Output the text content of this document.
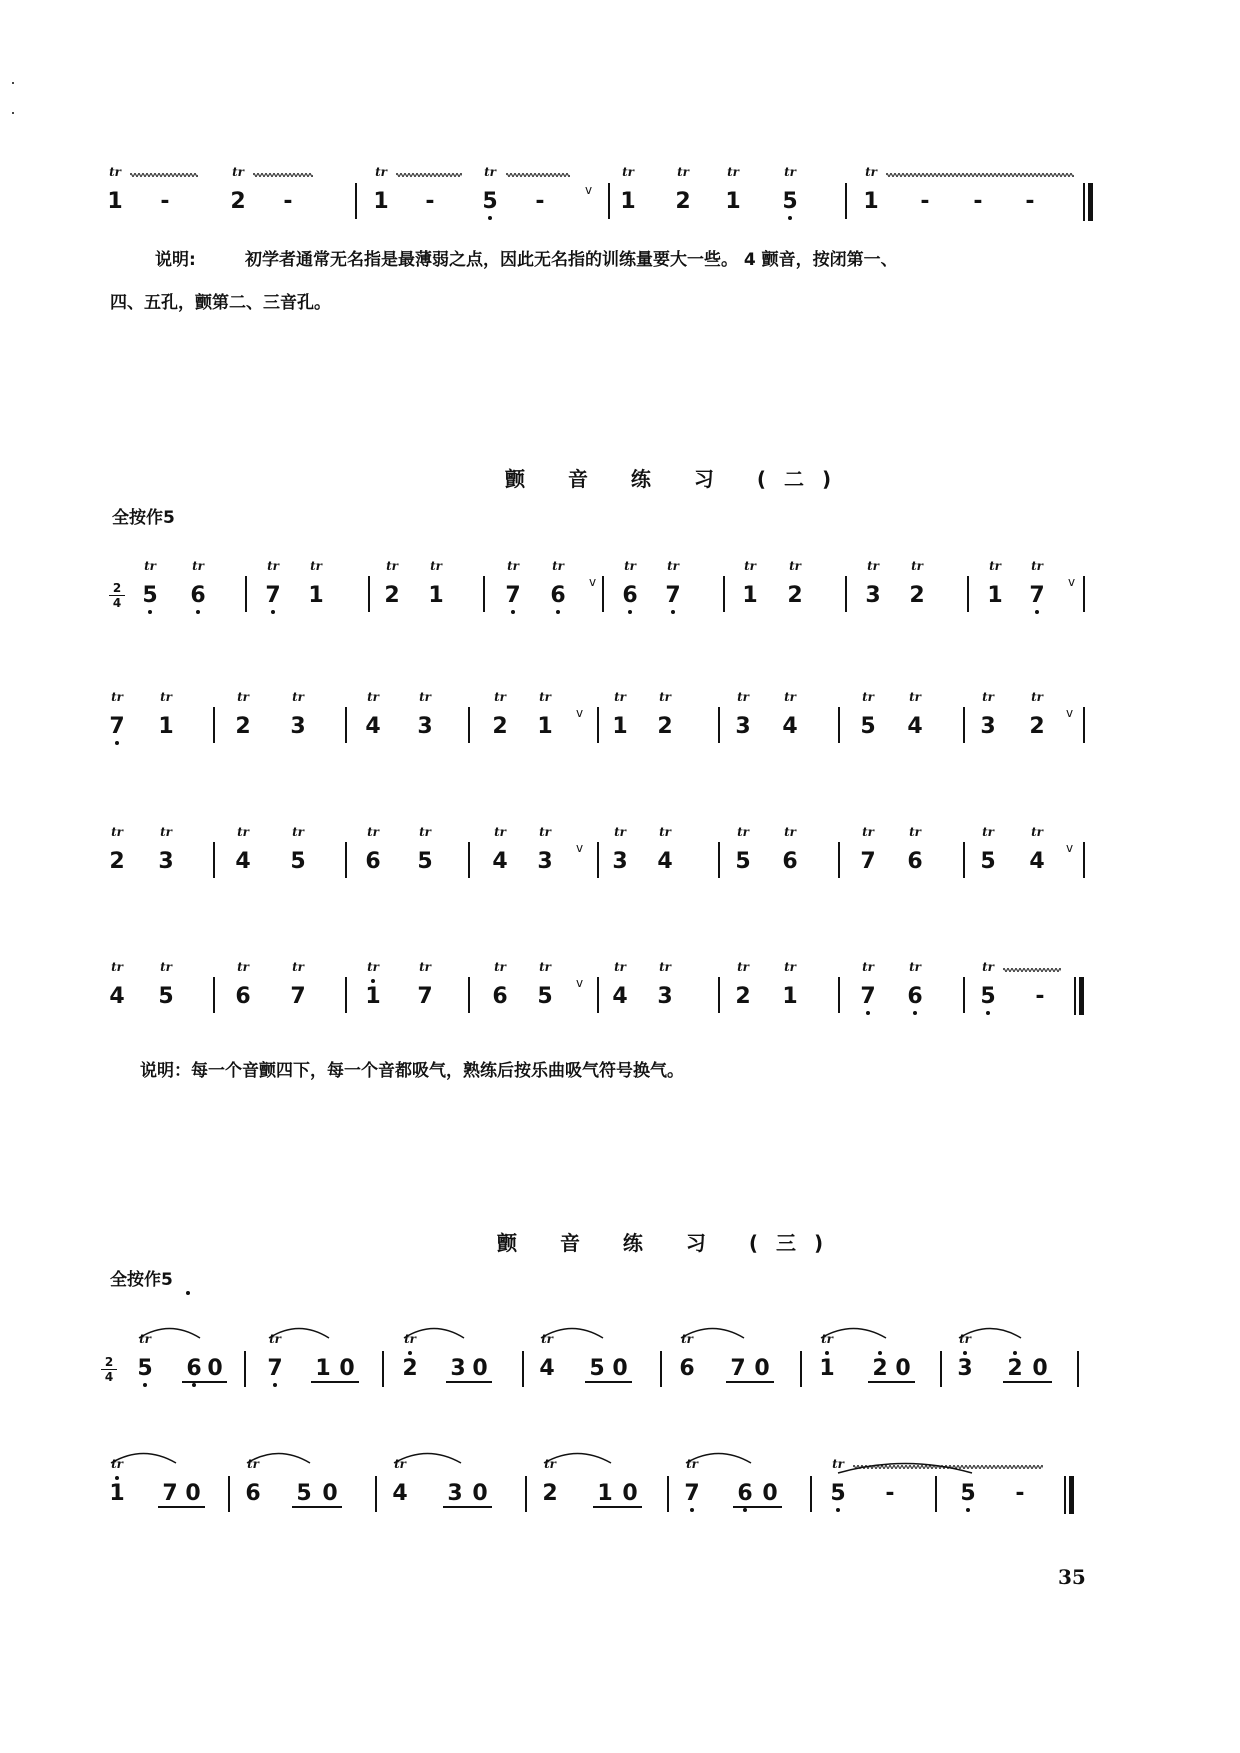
1
tr
-	2
tr
-	1
tr
-	5
tr
-	1
tr
2
tr
1
tr
5
tr
1
tr
-	-	-
v
说明:	初学者通常无名指是最薄弱之点，因此无名指的训练量要大一些。 4 颤音，按闭第一、
四、五孔，颤第二、三音孔。
颤 音 练 习 (二)
全按作5
2
4 5
tr
6
tr
7
tr
1
tr
2
tr
1
tr
7
tr
6
tr
6
tr
7
tr
1
tr
2
tr
3
tr
2
tr
1
tr
7
tr
v	v
7
tr
1
tr
2
tr
3
tr
4
tr
3
tr
2
tr
1
tr
1
tr
2
tr
3
tr
4
tr
5
tr
4
tr
3
tr
2
tr
v	v
2
tr
3
tr
4
tr
5
tr
6
tr
5
tr
4
tr
3
tr
3
tr
4
tr
5
tr
6
tr
7
tr
6
tr
5
tr
4
tr
v	v
4
tr
5
tr
6
tr
7
tr
1
tr
7
tr
6
tr
5
tr
4
tr
3
tr
2
tr
1
tr
7
tr
6
tr
5
tr
-
v
说明：每一个音颤四下，每一个音都吸气，熟练后按乐曲吸气符号换气。
颤 音 练 习 (三)
全按作5
2
4	5
tr
6 0	7
tr
1 0	2
tr
3 0	4
tr
5 0	6
tr
7 0	1
tr
2 0	3
tr
2 0
1
tr
7 0	6
tr
5 0	4
tr
3 0	2
tr
1 0	7
tr
6 0	5
tr
-	5	-
35
